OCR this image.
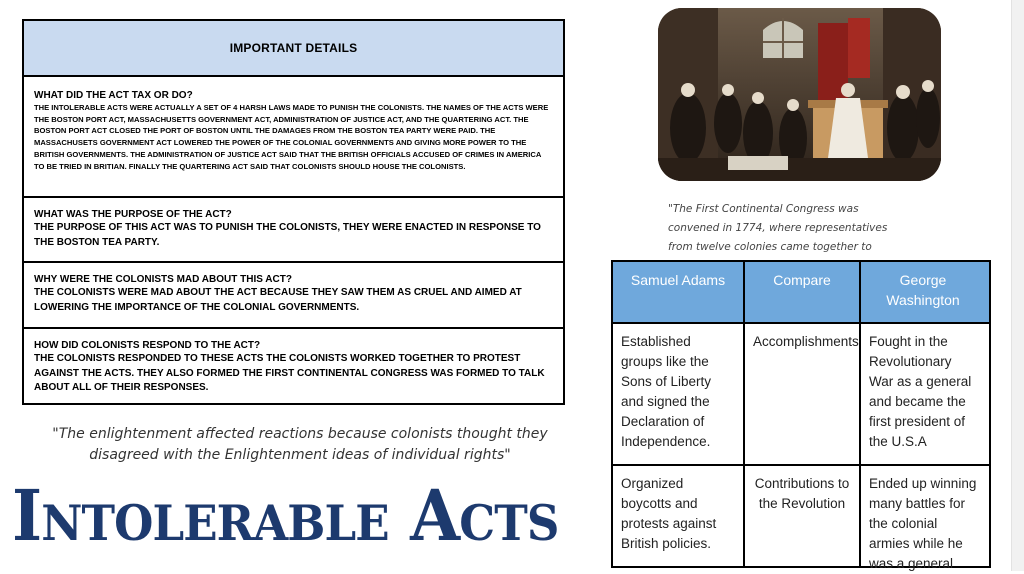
IMPORTANT DETAILS
WHAT DID THE ACT TAX OR DO?
THE INTOLERABLE ACTS WERE ACTUALLY A SET OF 4 HARSH LAWS MADE TO PUNISH THE COLONISTS. THE NAMES OF THE ACTS WERE THE BOSTON PORT ACT, MASSACHUSETTS GOVERNMENT ACT, ADMINISTRATION OF JUSTICE ACT, AND THE QUARTERING ACT. THE BOSTON PORT ACT CLOSED THE PORT OF BOSTON UNTIL THE DAMAGES FROM THE BOSTON TEA PARTY WERE PAID. THE MASSACHUSETS GOVERNMENT ACT LOWERED THE POWER OF THE COLONIAL GOVERNMENTS AND GIVING MORE POWER TO THE BRITISH GOVERNMENTS. THE ADMINISTRATION OF JUSTICE ACT SAID THAT THE BRITISH OFFICIALS ACCUSED OF CRIMES IN AMERICA TO BE TRIED IN BRITIAN. FINALLY THE QUARTERING ACT SAID THAT COLONISTS SHOULD HOUSE THE COLONISTS.
WHAT WAS THE PURPOSE OF THE ACT?
THE PURPOSE OF THIS ACT WAS TO PUNISH THE COLONISTS, THEY WERE ENACTED IN RESPONSE TO THE BOSTON TEA PARTY.
WHY WERE THE COLONISTS MAD ABOUT THIS ACT?
THE COLONISTS WERE MAD ABOUT THE ACT BECAUSE THEY SAW THEM AS CRUEL AND AIMED AT LOWERING THE IMPORTANCE OF THE COLONIAL GOVERNMENTS.
HOW DID COLONISTS RESPOND TO THE ACT?
THE COLONISTS RESPONDED TO THESE ACTS THE COLONISTS WORKED TOGETHER TO PROTEST AGAINST THE ACTS. THEY ALSO FORMED THE FIRST CONTINENTAL CONGRESS WAS FORMED TO TALK ABOUT ALL OF THEIR RESPONSES.
"The enlightenment affected reactions because colonists thought they disagreed with the Enlightenment ideas of individual rights"
Intolerable Acts
"The First Continental Congress was convened in 1774, where representatives from twelve colonies came together to
Samuel Adams	Compare	George Washington
Established groups like the Sons of Liberty and signed the Declaration of Independence.
Accomplishments Fought in the Revolutionary War as a general and became the first president of the U.S.A
Organized boycotts and protests against British policies.
Contributions to the Revolution
Ended up winning many battles for the colonial armies while he was a general
